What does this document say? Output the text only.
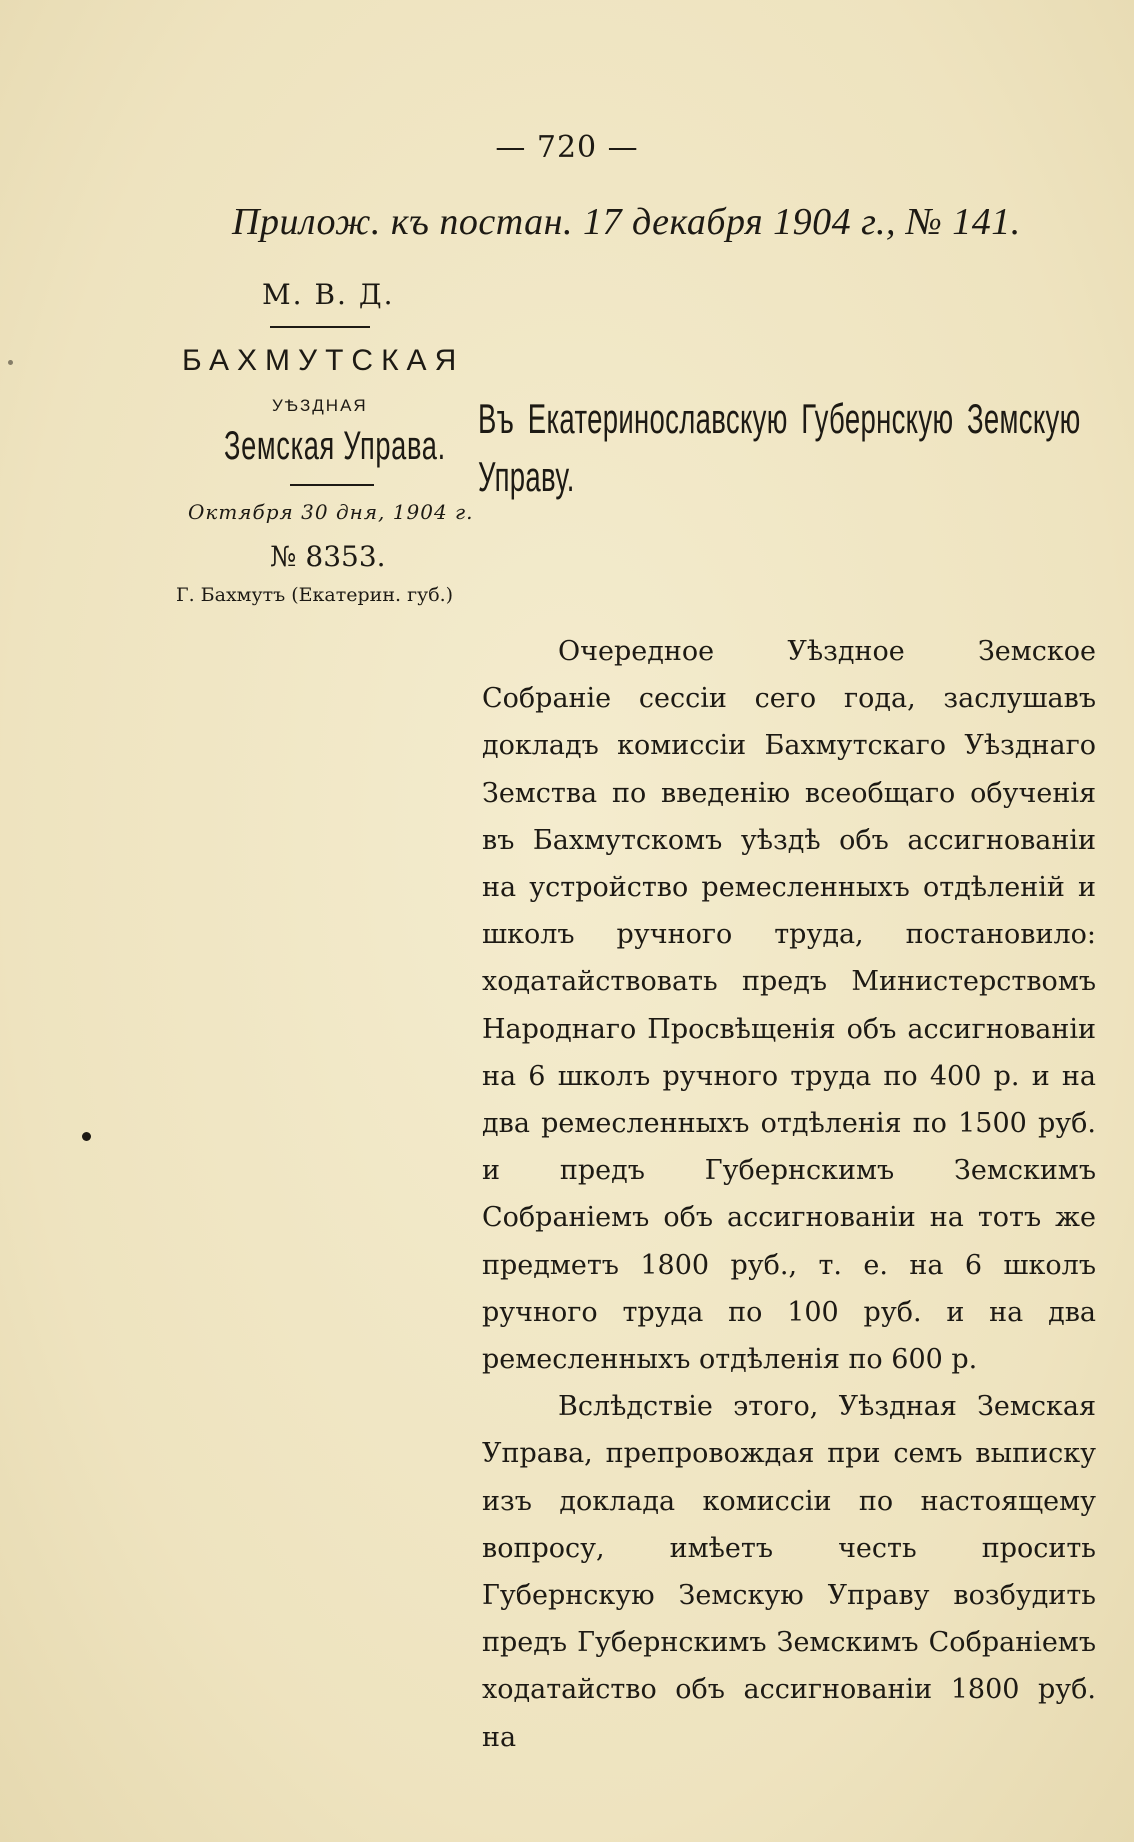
— 720 —
Прилож. къ постан. 17 декабря 1904 г., № 141.
М. В. Д.
БАХМУТСКАЯ
УѢЗДНАЯ
Земская Управа.
Октября 30 дня, 1904 г.
№ 8353.
Г. Бахмутъ (Екатерин. губ.)
Въ Екатеринославскую Губернскую Земскую Управу.

Очередное Уѣздное Земское Собраніе сессіи сего года, заслушавъ докладъ комиссіи Бахмутскаго Уѣзднаго Земства по введенію всеобщаго обученія въ Бахмутскомъ уѣздѣ объ ассигнованіи на устройство ремесленныхъ отдѣленій и школъ ручного труда, постановило: ходатайствовать предъ Министерствомъ Народнаго Просвѣщенія объ ассигнованіи на 6 школъ ручного труда по 400 р. и на два ремесленныхъ отдѣленія по 1500 руб. и предъ Губернскимъ Земскимъ Собраніемъ объ ассигнованіи на тотъ же предметъ 1800 руб., т. е. на 6 школъ ручного труда по 100 руб. и на два ремесленныхъ отдѣленія по 600 р.

Вслѣдствіе этого, Уѣздная Земская Управа, препровождая при семъ выписку изъ доклада комиссіи по настоящему вопросу, имѣетъ честь просить Губернскую Земскую Управу возбудить предъ Губернскимъ Земскимъ Собраніемъ ходатайство объ ассигнованіи 1800 руб. на
